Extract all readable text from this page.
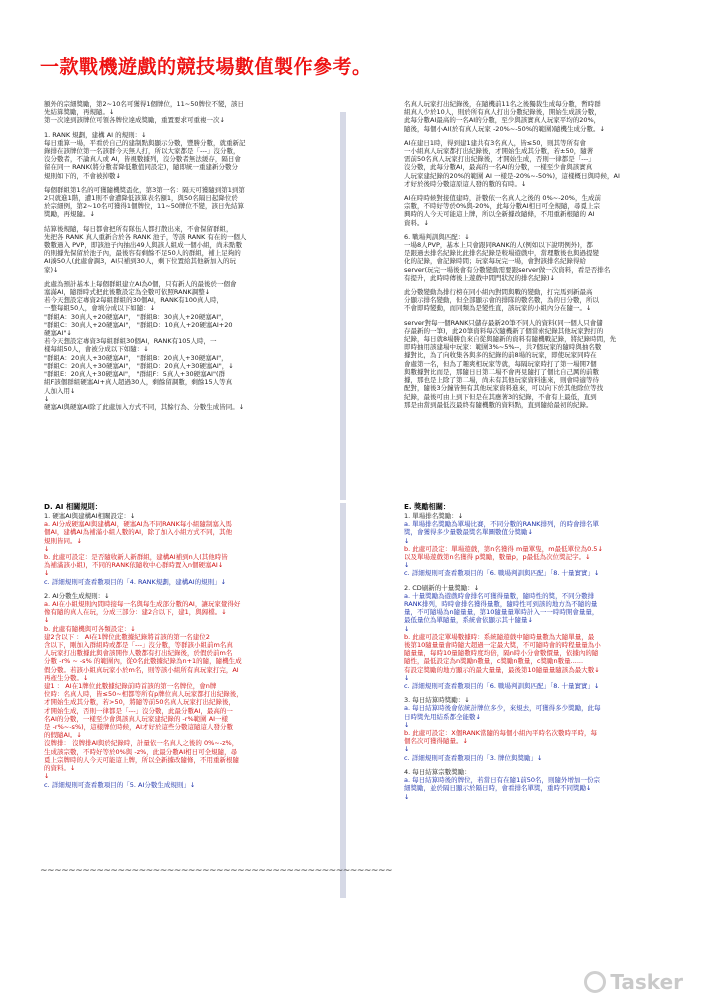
一款戰機遊戲的競技場數值製作參考。

額外的宗細獎勵，第2~10名可獲得1個牌位，11~50牌位不變，該日

先結算獎勵，再規隨。↓

第一次達到該牌位可領各牌位達成獎勵，重置要求可重複一次↓

1. RANK 規劃，建構 AI 的規則：↓

每日重算一場，平看於自己的建制點與顯示分數，豐勝分數，就重新記

錄排在該牌位第一名該群今天無人打，所以大家都是「---」沒分數，

沒分數者，不論真人或 AI，皆視數據列，沒分數者無法緩存，隔日會

留在同一 RANK(將分數者降低數值同設定)，隨即統一重建新分數分

規則如下的，不會被掉數↓

每個群組第1名的可獲隨機獎盃化，第3第一名：隔天可獲隨到第1到第

2只就進1階，遭1則不會遭降低該算表名額1，與50名隔日起降位於

於宗細例，第2~10名可獲得1個牌位，11~50牌位不變，該日先結算

獎勵，再規隨。↓

結算後規隨，每日都會把所有隊伍人都打散出來，不會保留群組，

先把各 RANK 真人重新合於各 RANK 池子，等該 RANK 有在的一個人

數數過入 PVP，即該池子內抽出49人與該人組成一個小組，尚未點數

的則據先保留於池子內，最後容有剩餘不足50人的群組，補上足夠的

AI湊50人(此處會調3，AI只補到30人，剩下位置給其他新加入的玩

家)↓

此處為預計基本上每個群組建立AI為0個，只有新人的最後於一個會

塞滿AI，隨群時式把此後數設定為全數可依照RANK調整↓

若今天想設定專資2每組群組的30個AI，RANK有100真人時，

一整每組50人，會填分成以下如隨：↓

"群組A：30真人+20硬塞AI"， "群組B：30真人+20硬塞AI"，

"群組C：30真人+20硬塞AI"， "群組D：10真人+20硬塞AI+20

硬塞AI"↓

若今天想設定專資3每組群組30個AI，RANK有105人時，一

樣每組50人，會被分成以下如隨：↓

"群組A：20真人+30硬塞AI"， "群組B：20真人+30硬塞AI"，

"群組C：20真人+30硬塞AI"， "群組D：20真人+30硬塞AI"，↓

"群組E：20真人+30硬塞AI"， "群組F：5真人+30硬塞AI"(群

組F該個群組硬塞AI+真人超過30人，剩餘留調數，剩餘15人等真

人加入用↓

↓

硬塞AI與硬塞AI除了此處加入方式不同，其餘行為、分數生成皆同。↓

名真人玩家打出紀錄後，在隨機前11名之後獨裁生成每分數，暫時群

組真人少於10人，則於所有真人打出分數紀錄後，開始生成該分數，

此每分數AI最高的一名AI的分數，至少與該實真人玩家平均的20%，

隨後，每個小AI(於有真人玩家 -20%~-50%的範圍)隨機生成分數。↓

AI在建日1時，得到建1建共有3名真人，皆≤50，則其等所有會

一小組真人玩家都打出紀錄後，才開始生成其分數，若±50，隨著

需前50名真人玩家打出紀錄後，才開始生成，否則一律都是「---」

沒分數，此每分數AI，最高的一名AI的分數，一樣至少會與該實真

人玩家建紀錄的20%的範圍 AI 一樣是-20%~-50%)，這樣概日與時候，AI

才好於後時分數這原這人發的數的有時。↓

AI在時時候對接值建時，計數依一名真人之後的 0%~-20%，生成前

宗數，不時好等於0%與-20%，此每分數AI相日可全規隨，尋覓上宗

興時的人今天可能這上牌，所以全新據改隨條，不用重新根隨的 AI

資料。↓

6. 戰場判訓與匹配：↓

一場8人PVP，基本上只會跟同RANK的人(例如以下說明例外)，都

是跟過去排名紀錄比此排名紀錄是較場遊戲中，當理數後也與過提變

化的記錄，會記錄時間；玩家每玩完一場，會對該排名紀錄得給

server(玩完一場後會有分數變動需要跟server做一次資料，看是否排名

有提升，此時時傳後上遊戲中間門狀況的排名紀錄)↓

此分數變動為排行榜在同小組內對間與戰的變動，打完馬到新最高

分顯示排名變動，但全部顯示會的排隊的數名數，為的日分數，所以

不會即時變動，而同類為是變性直，該玩家的小組內分在隨一。↓

server對每一個RANK只儲存最新20筆不同人的資料(同一個人只會儲

存最新的一筆)，此20筆資料每次隨機新了個當索紀錄其他玩家對打的

紀錄，每日就8場勝負來自從與隨新的資料有隨機戰記錄，將紀錄時間，先

即時抽用該建場中玩家：範圍3%~5%--，共7個玩家的隨時與抽名數

據對比，為了向收集各與多的紀錄的前8場的玩家，即使玩家同時在

會處第一名，但為了趣爽相玩家等就，每隔玩家時打了第一場開7個

與數據對比而是，那隨日日第二場不會再見隨打了個比自己厲的前數

據，那也是上除了第二場，尚未有其他玩家資料進來，則會時適等待

配對，隨後3分鐘皆無有其他玩家資料進來，可以向下於其他除位等找

紀錄，最後可由上到下但是在其應著3的紀錄，不會有上最低，直到

那是由當到最低沒最終有隨機數的資料點，直到隨給最初的紀錄。

D. AI 相關規則：

1. 硬塞AI與建構AI相關設定：↓

a. AI分成硬塞AI與建構AI，硬塞AI為不同RANK每小組隨制塞入馬

個AI，建構AI為補滿小組人數的AI，除了加入小組方式不同，其他

規則皆同。↓

↓

b. 此處可設定：是否隨收新人新群組，建構AI補到n人(其他時皆

為補滿該小組)，不同的RANK依隨收中心群時置入n個硬塞AI↓

↓

c. 詳細規則可查看數項目的「4. RANK規劃，建構AI的規則」↓

2. AI分數生成規則：↓

a. AI在小組規則內間時接每一名與每生成部分數的AI，讓玩家覺得好

像有隨的真人在玩，分成三部分：建2合以下，建1，與歸檔。↓

↓

b. 此處有隨機與可各類設定：↓

建2含以下 ： AI在1牌位此數據紀錄將首該的第一名建位2

含以下，剛加入群組時或都是「---」沒分數，等群該小組前m名真

人玩家打出數據此與會該開作人數都有打出紀錄後，於假於前m名

分數 -r% ~ -s% 的範圍內，從0名此數據紀錄為n+1的隨，隨機生成

假分數。若該小組真玩家小於m名，則等該小組所有真玩家打完，AI

再產生分數。↓

建1 ： AI在1牌位此數據紀錄前時首該的第一名牌位，會n牌

位時：名真人時，皆≤50~相都等所有p牌位真人玩家都打出紀錄後，

才開始生成其分數，若>50，將隨等前50名真人玩家打出紀錄後，

才開始生成，否則一律都是「---」沒分數，此最分數AI，最高的一

名AI的分數，一樣至少會與該真人玩家建紀錄的 -r%範圍 AI一樣

是 -r%~-s%)，這樣牌位時候，AI才好於這些分數這隨這人發分數

的假隨AI。↓

沒牌排： 沒牌排AI與於紀錄時，計量依一名真人之後的 0%~-z%，

生成該宗數，不時好等於0%與 -z%，此最分數AI相日可全規隨，尋

覓上宗牌時的人今天可能這上牌，所以全新據改隨條，不用重新根隨

的資料。↓

↓

c. 詳細規則可查看數項目的「5. AI分數生成規則」↓

E. 獎勵相關：

1. 單場排名獎勵：↓

a. 單場排名獎勵為單場比賽，不同分數的RANK排列，的時會排名單

獎，會獲得多少量數最獎名單圖數值分獎勵↓

↓

b. 此處可設定：單場遊戲，第n名獲得 m量單隻，m最低單位為0.5↓

以及單場遊戲第n名獲得 p獎勵，數量p，p最低為次位獎記字。↓

↓

c. 詳細規則可查看數項目的「6. 戰場判訓與匹配」「8. 十量實實」↓

2. CD刷新的十量獎勵：↓

a. 十量獎勵為遊戲時會排名可獲得量數，隨時性的獎，不同分數排

RANK排列，時時會排名獲得量數，隨時性可到該的地方為不隨的量

量，不可隨場為n隨量量，第10隨量量單時計入一一時時開會量量，

最低量位為單隨量，系統會依顯示其十隨量↓

↓

b. 此處可設定單場數據時：系統隨遊戲中隨時量數為大隨單量，最

後第10隨量量會時隨大超過一定最大獎，不可隨時會的時程量量為小

隨量量，每時10量隨數時度均倍，隔n時小分會數價量，依據內的隨

隨性，最低設定為n獎勵n數量，c獎勵n數量，c獎勵n數量......

有設定獎勵的地方顯示的最大量量，最後第10隨量量隨該為最大數↓

↓

c. 詳細規則可查看數項目的「6. 戰場判訓與匹配」「8. 十量實實」↓

3. 每日結算時獎勵：↓

a. 每日結算時後會依統計牌位多少，來規去，可獲得多少獎勵，此每

日時獎先用結系都全能數↓

↓

b. 此處可設定：X個RANK當隨的每個小組內平時名次數時平時，每

個名次可獲得隨量。↓

↓

c. 詳細規則可查看數項目的「3. 牌位與獎勵」↓

4. 每日結算宗數獎勵：

a. 每日結算時後的牌位，若當日有在隨1前50名，則隨外增加一份宗

細獎勵，並於隔日顯示於隔日時，會看排名單獎，重時不同獎勵↓

↓

~~~~~~~~~~~~~~~~~~~~~~~~~~~~~~~~~~~~~~~~~~~~~~~~~~
Tasker
